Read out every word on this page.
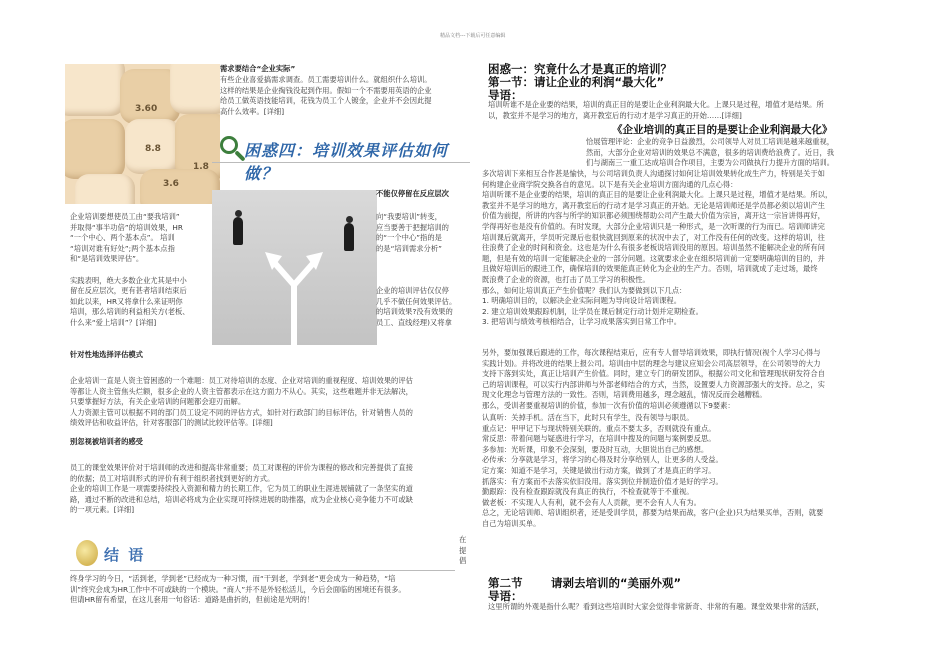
精品文档---下载后可任意编辑
3.60
8.8
3.6
1.8
需求要结合“企业实际”
有些企业喜爱搞需求调查。员工需要培训什么。就组织什么培训。
这样的结果是企业掏钱没起到作用。假如一个不需要用英语的企业
给员工做英语技能培训，花钱为员工个人镀金，企业并不会因此提
高什么效率。[详细]
困惑四：培训效果评估如何做？
不能仅停留在反应层次
企业培训要想使员工由“要我培训”
并取得“事半功倍”的培训效果，HR
“一个中心、两个基本点”。 培训
“培训对谁有好处”;两个基本点指
和“是培训效果评估”。

实践表明，绝大多数企业尤其是中小
留在反应层次，更有甚者培训结束后
如此以来，HR又将拿什么来证明你
培训，那么培训的利益相关方(老板、
什么来“爱上培训”？[详细]
向“我要培训”转变，
应当要善于把握培训的
的“一个中心”指的是
的是“培训需求分析”
企业的培训评估仅仅停
几乎不做任何效果评估。
的培训效果?没有效果的
员工、直线经理)又将拿
针对性地选择评估模式
企业培训一直是人资主管困惑的一个难题：员工对待培训的态度、企业对培训的重视程度、培训效果的评估
等都让人资主管焦头烂额，很多企业的人资主管都表示在这方面力不从心。其实，这些难题并非无法解决，
只要掌握好方法，有关企业培训的问题都会迎刃而解。
人力资源主管可以根据不同的部门员工设定不同的评估方式，如针对行政部门的目标评估，针对销售人员的
绩效评估和收益评估，针对客服部门的测试比较评估等。[详细]
别忽视被培训者的感受
员工的课堂效果评价对于培训师的改进和提高非常重要；员工对课程的评价为课程的修改和完善提供了直接
的依据；员工对培训形式的评价有利于组织者找到更好的方式。
企业的培训工作是一项需要持续投入资源和精力的长期工作，它为员工的职业生涯进展铺就了一条坚实的道
路，通过不断的改进和总结，培训必将成为企业实现可持续进展的助推器，成为企业核心竞争能力不可或缺
的一项元素。[详细]
结 语
在
提
倡
终身学习的今日，“活到老，学到老”已经成为一种习惯，而“干到老，学到老”更会成为一种趋势，“培
训”终究会成为HR工作中不可或缺的一个模块。“商人”并不是外轻松活儿，今后会面临的困境还有很多。
但请HR留有希望，在这儿套用一句俗话：道路是曲折的，但前途是光明的！
困惑一：究竟什么才是真正的培训？
第一节：请让企业的利润“最大化”
导语：
培训听谁不是企业要的结果，培训的真正目的是要让企业利润最大化。上课只是过程，增值才是结果。所
以，教室并不是学习的地方，离开教室后的行动才是学习真正的开始……[详细]
《企业培训的真正目的是要让企业利润最大化》
恰展管理评论：企业的竞争日益激烈，公司领导人对员工培训是越来越重视，
然而，大部分企业对培训的效果总不满意，很多的培训费给浪费了。近日，我
们与湖南三一重工达成培训合作项目，主要为公司做执行力提升方面的培训。
多次培训下来相互合作甚是愉快，与公司培训负责人沟通探讨如何让培训效果转化成生产力，特别是关于如
何构建企业商学院交换各自的意见。以下是有关企业培训方面沟通的几点心得：
培训听课不是企业要的结果，培训的真正目的是要让企业利润最大化。上课只是过程，增值才是结果。所以，
教室并不是学习的地方，离开教室后的行动才是学习真正的开始。无论是培训师还是学员都必须以培训产生
价值为前提，所讲的内容与所学的知识都必须围绕帮助公司产生最大价值为宗旨，离开这一宗旨讲得再好，
学得再好也是没有价值的。有时发现，大部分企业培训只是一种形式，是一次听课的行为而已。培训师讲完
培训课后就离开，学员听完课后也很快就回到原来的状况中去了，对工作没有任何的改变。这样的培训，往
往浪费了企业的时间和资金。这也是为什么有很多老板说培训没用的原因。培训虽然不能解决企业的所有问
题，但是有效的培训一定能解决企业的一部分问题。这就要求企业在组织培训前一定要明确培训的目的，并
且做好培训后的跟进工作，确保培训的效果能真正转化为企业的生产力。否则，培训就成了走过场，最终
既浪费了企业的资源，也打击了员工学习的积极性。
那么，如何让培训真正产生价值呢？我们认为要做到以下几点：
1. 明确培训目的，以解决企业实际问题为导向设计培训课程。
2. 建立培训效果跟踪机制，让学员在课后制定行动计划并定期检查。
3. 把培训与绩效考核相结合，让学习成果落实到日常工作中。
另外，要加强课后跟进的工作，每次课程结束后，应有专人督导培训效果，即执行情况(视个人学习心得与
实践计划)。并将改进的结果上报公司。培训由中层的理念与建议应知会公司高层领导，在公司领导的大力
支持下落到实处，真正让培训产生价值。同时，建立专门的研发团队，根据公司文化和管理现状研发符合自
己的培训课程，可以实行内部讲师与外部老师结合的方式，当然，设置要人力资源部强大的支持。总之，实
现文化理念与管理方法的一致性。否则，培训费用越多，理念越乱，情况反而会越糟糕。
那么，受训者要重视培训的价值，参加一次有价值的培训必须遵循以下9要素：
认真听：关掉手机。活在当下，此时只有学生，没有领导与职员。
重点记：甲甲记下与现状特别关联的。重点不要太多，否则就没有重点。
常反思：带着问题与疑惑进行学习，在培训中搜及的问题与案例要反思。
多参加：光听课，印象不会深刻，要及时互动，大胆说出自己的感想。
必传承：分享就是学习，将学习的心得及时分享给别人，让更多的人受益。
定方案：知道不是学习，关键是做出行动方案，做到了才是真正的学习。
抓落实：有方案而不去落实依旧没用。落实到位并制造价值才是好的学习。
勤跟踪：没有检查跟踪就没有真正的执行，不检查就等于不重视。
做老板：不实现人人有利，就不会有人人贡献，更不会有人人有为。
总之，无论培训师、培训组织者，还是受训学员，都要为结果而战，客户(企业)只为结果买单，否则，就要
自己为培训买单。
第二节 请剥去培训的“美丽外观”
导语：
这里所谓的外观是指什么呢？看到这些培训时大家会觉得非常新奇、非常的有趣。课堂效果非常的活跃，
